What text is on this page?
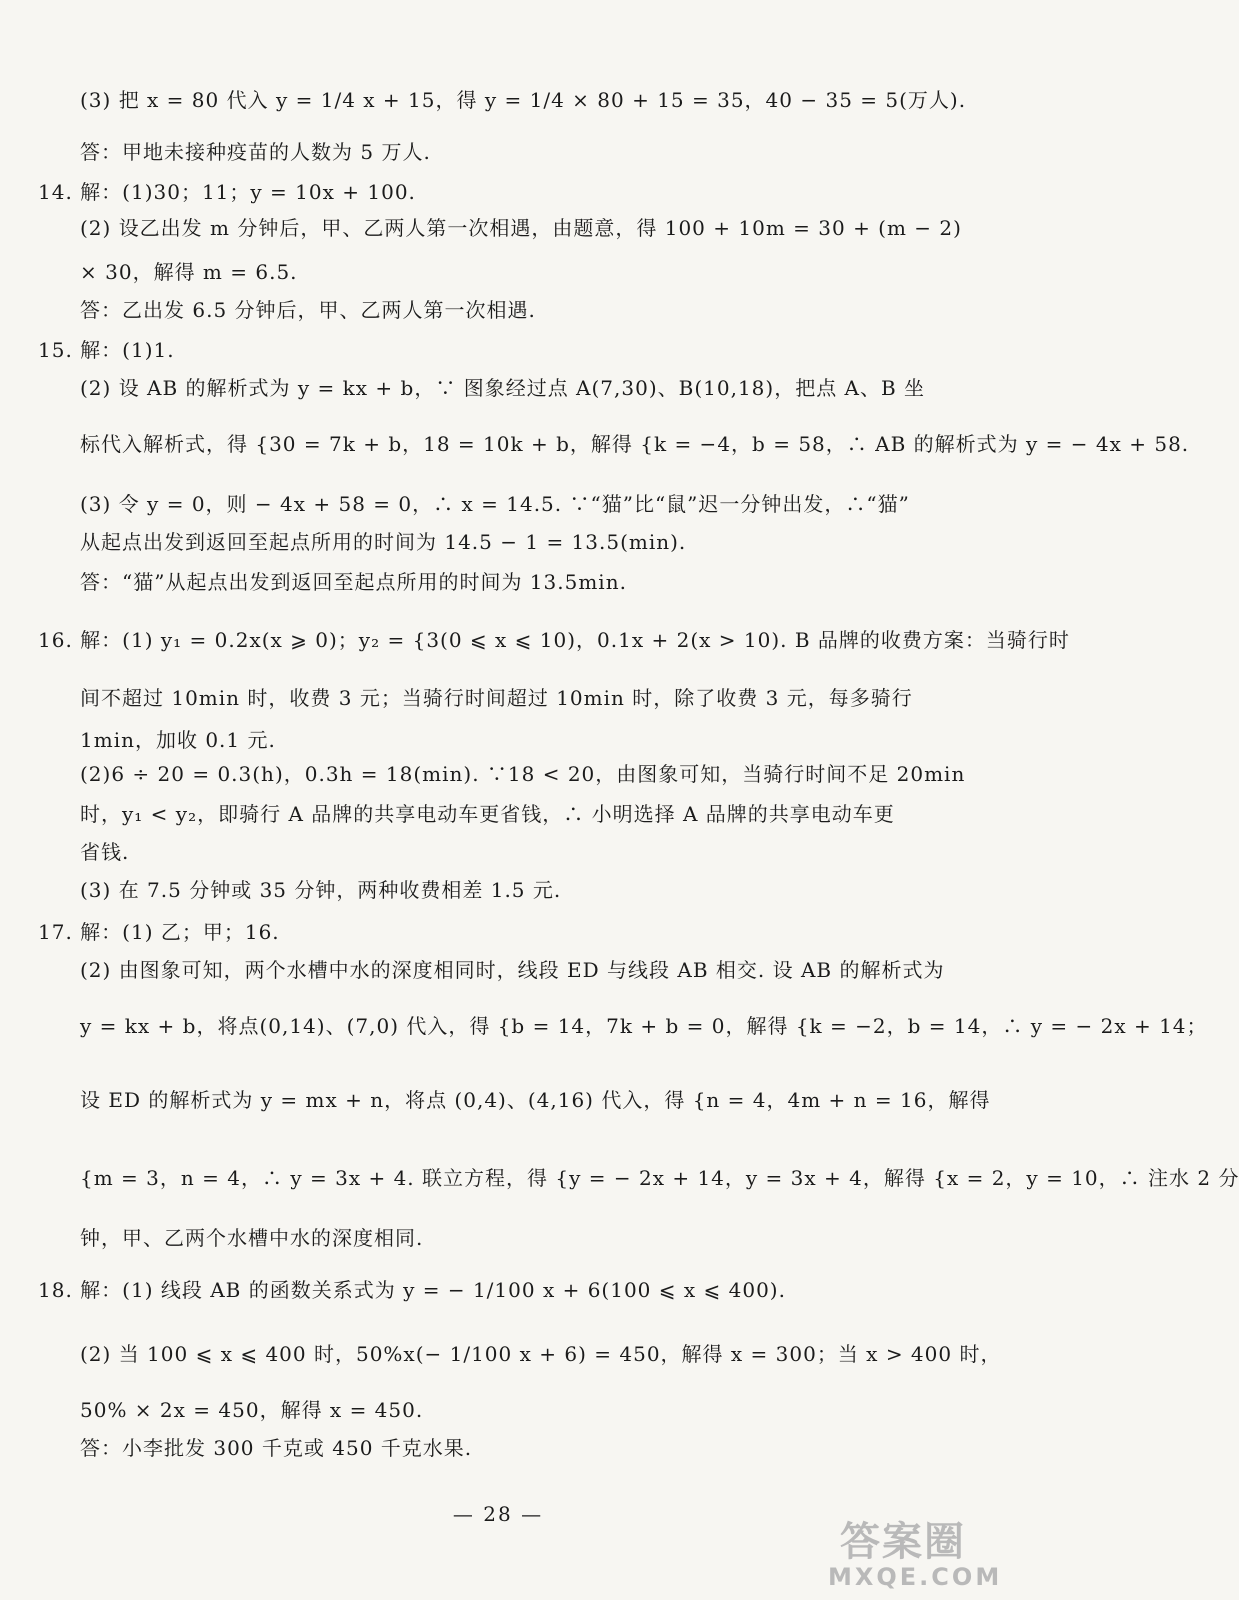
(3) 把 x = 80 代入 y = 1/4 x + 15，得 y = 1/4 × 80 + 15 = 35，40 − 35 = 5(万人).
答：甲地未接种疫苗的人数为 5 万人.
14. 解：(1)30；11；y = 10x + 100.
(2) 设乙出发 m 分钟后，甲、乙两人第一次相遇，由题意，得 100 + 10m = 30 + (m − 2)
× 30，解得 m = 6.5.
答：乙出发 6.5 分钟后，甲、乙两人第一次相遇.
15. 解：(1)1.
(2) 设 AB 的解析式为 y = kx + b，∵ 图象经过点 A(7,30)、B(10,18)，把点 A、B 坐
标代入解析式，得 {30 = 7k + b，18 = 10k + b，解得 {k = −4，b = 58，∴ AB 的解析式为 y = − 4x + 58.
(3) 令 y = 0，则 − 4x + 58 = 0，∴ x = 14.5. ∵“猫”比“鼠”迟一分钟出发，∴“猫”
从起点出发到返回至起点所用的时间为 14.5 − 1 = 13.5(min).
答：“猫”从起点出发到返回至起点所用的时间为 13.5min.
16. 解：(1) y₁ = 0.2x(x ⩾ 0)；y₂ = {3(0 ⩽ x ⩽ 10)，0.1x + 2(x > 10). B 品牌的收费方案：当骑行时
间不超过 10min 时，收费 3 元；当骑行时间超过 10min 时，除了收费 3 元，每多骑行
1min，加收 0.1 元.
(2)6 ÷ 20 = 0.3(h)，0.3h = 18(min). ∵18 < 20，由图象可知，当骑行时间不足 20min
时，y₁ < y₂，即骑行 A 品牌的共享电动车更省钱，∴ 小明选择 A 品牌的共享电动车更
省钱.
(3) 在 7.5 分钟或 35 分钟，两种收费相差 1.5 元.
17. 解：(1) 乙；甲；16.
(2) 由图象可知，两个水槽中水的深度相同时，线段 ED 与线段 AB 相交. 设 AB 的解析式为
y = kx + b，将点(0,14)、(7,0) 代入，得 {b = 14，7k + b = 0，解得 {k = −2，b = 14，∴ y = − 2x + 14；
设 ED 的解析式为 y = mx + n，将点 (0,4)、(4,16) 代入，得 {n = 4，4m + n = 16，解得
{m = 3，n = 4，∴ y = 3x + 4. 联立方程，得 {y = − 2x + 14，y = 3x + 4，解得 {x = 2，y = 10，∴ 注水 2 分
钟，甲、乙两个水槽中水的深度相同.
18. 解：(1) 线段 AB 的函数关系式为 y = − 1/100 x + 6(100 ⩽ x ⩽ 400).
(2) 当 100 ⩽ x ⩽ 400 时，50%x(− 1/100 x + 6) = 450，解得 x = 300；当 x > 400 时，
50% × 2x = 450，解得 x = 450.
答：小李批发 300 千克或 450 千克水果.
— 28 —
答案圈
MXQE.COM
